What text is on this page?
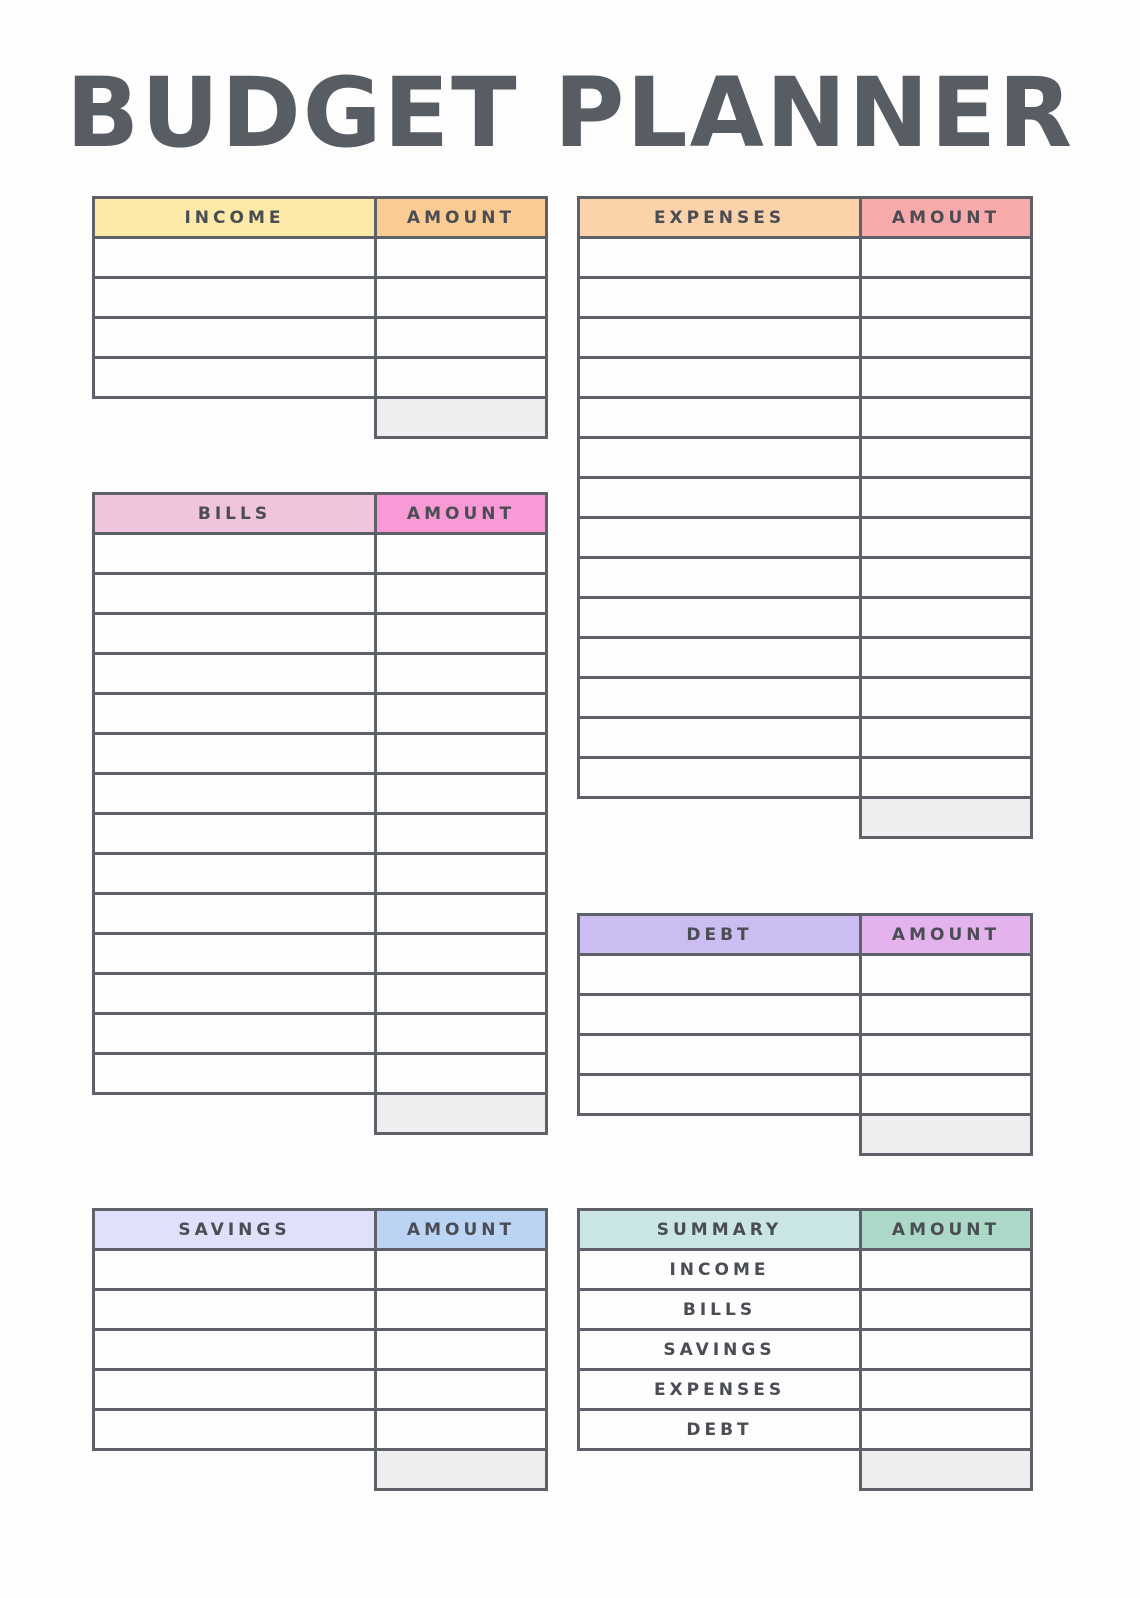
BUDGET PLANNER
INCOME	AMOUNT

		EXPENSES	AMOUNT

BILLS	AMOUNT

DEBT	AMOUNT

SAVINGS	AMOUNT

		SUMMARY	AMOUNT
INCOME	
BILLS	
SAVINGS	
EXPENSES	
DEBT	
